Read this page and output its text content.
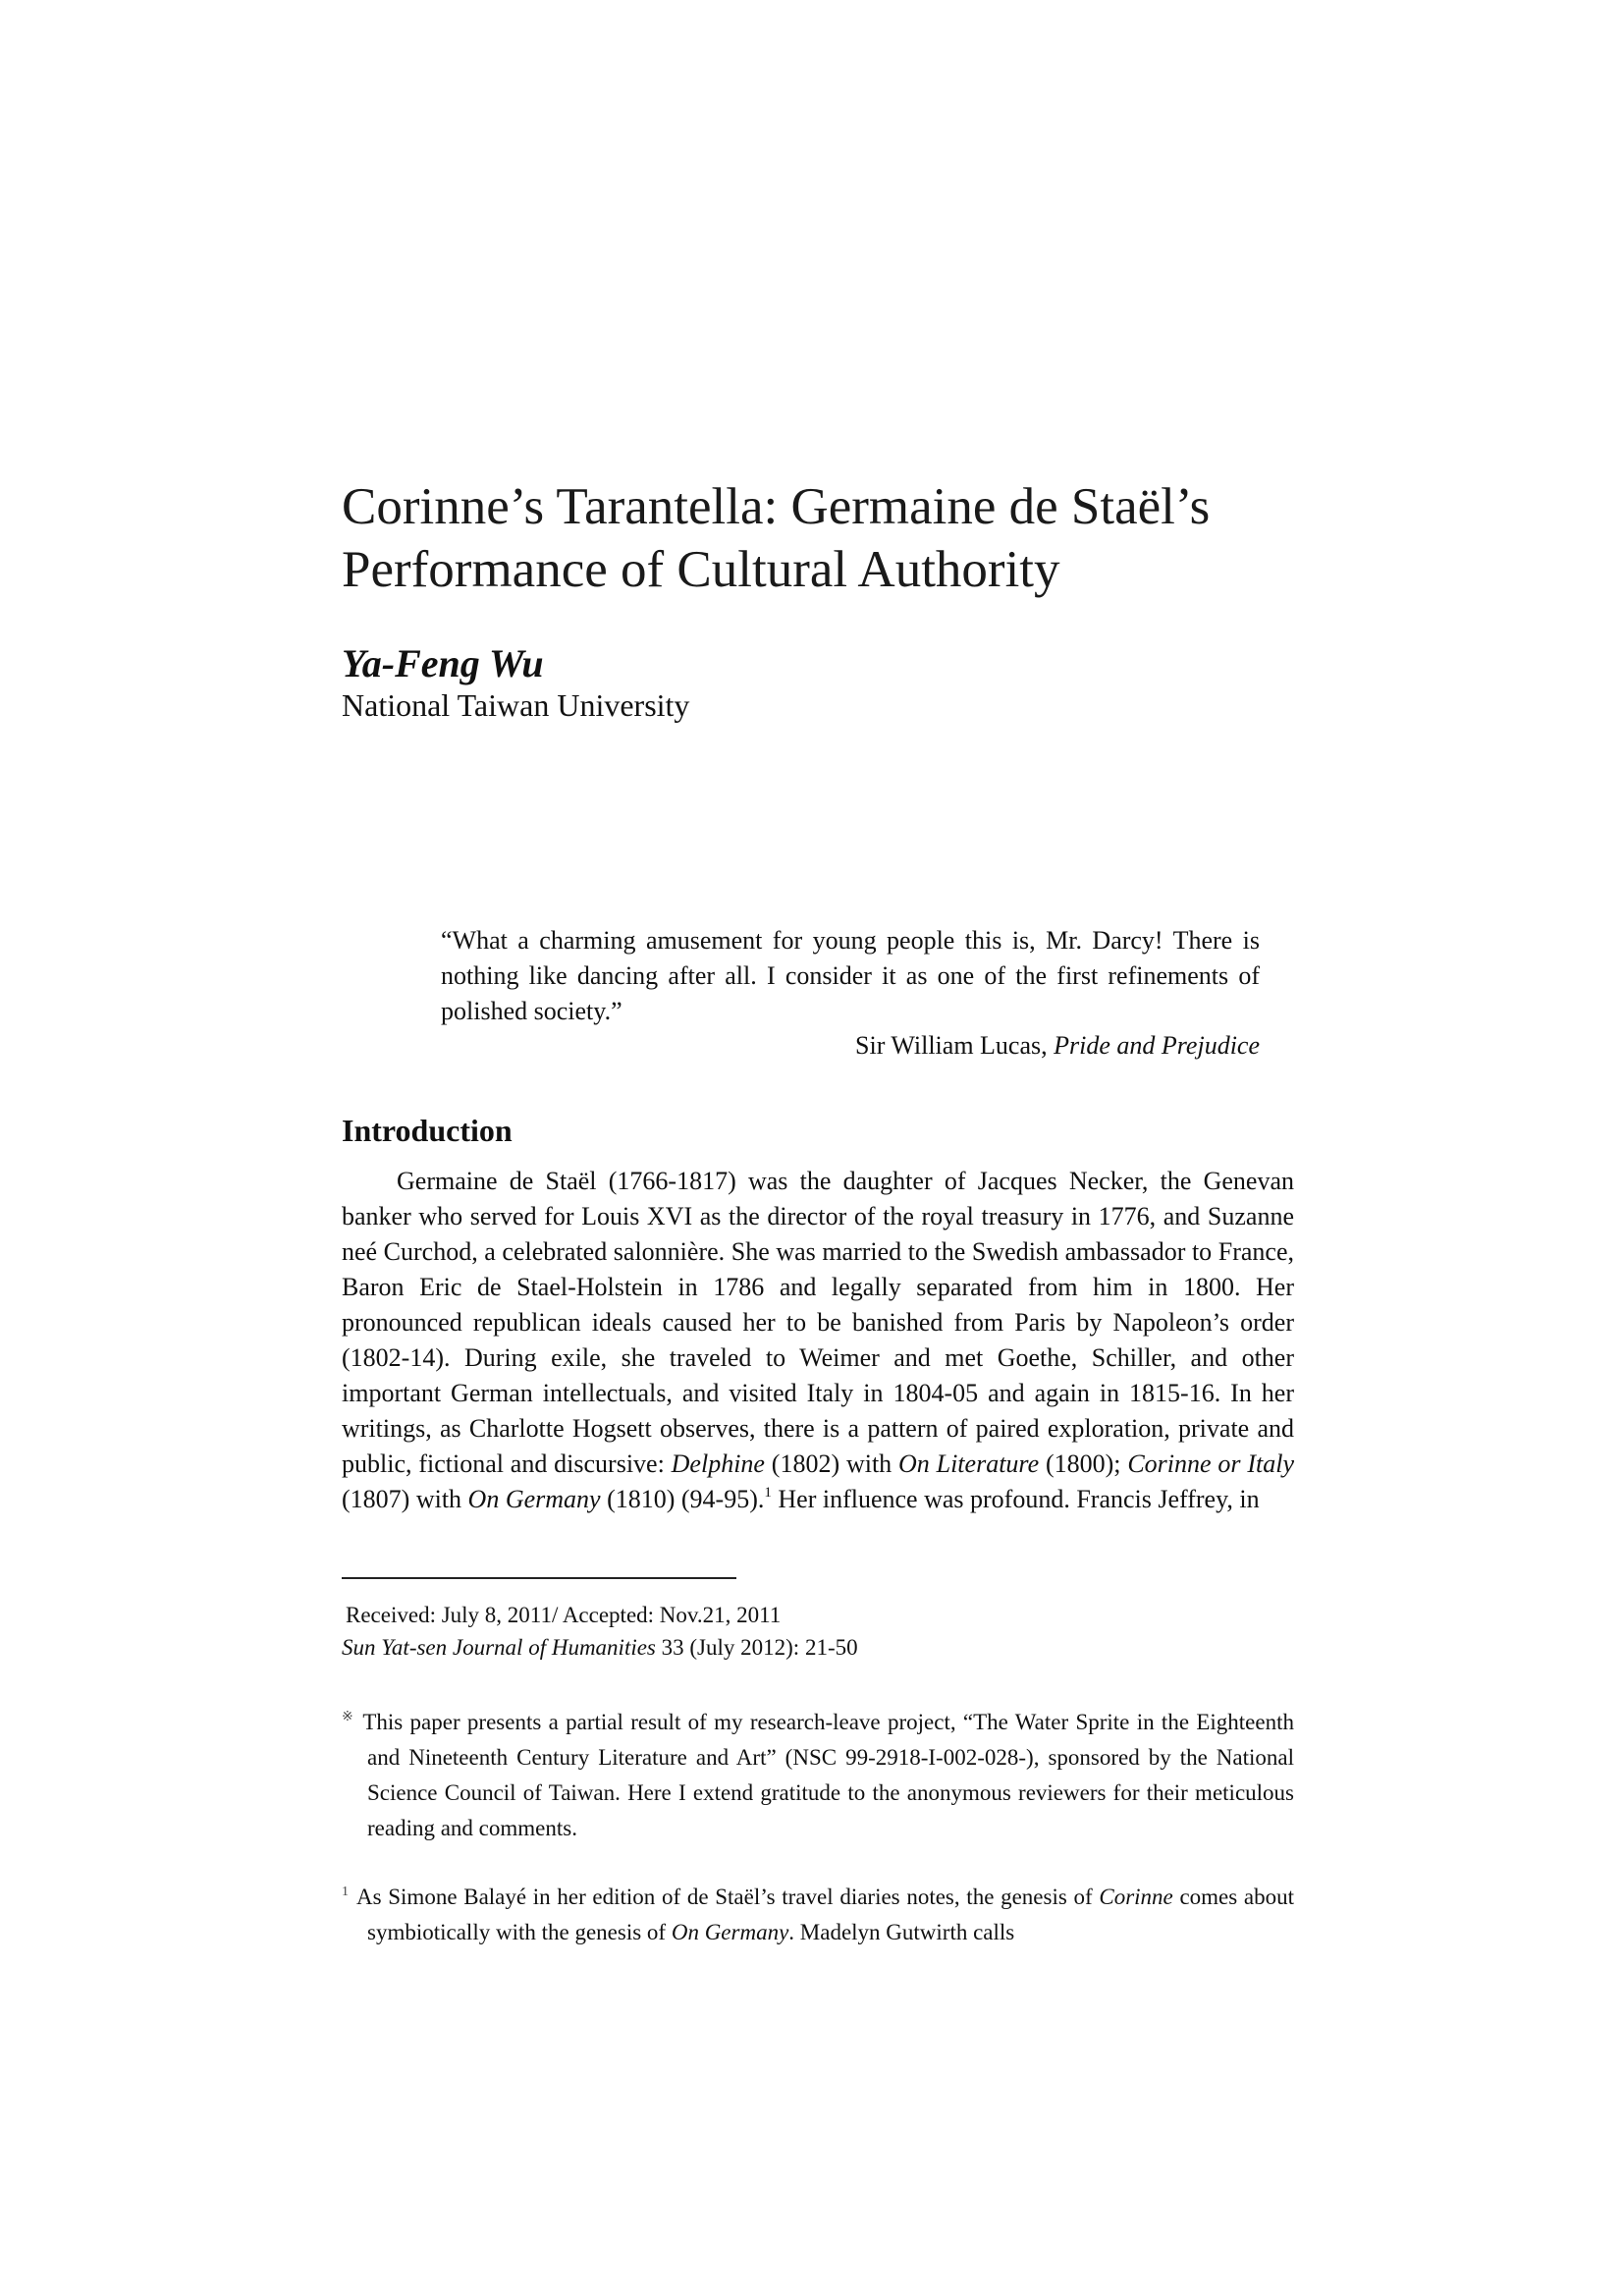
Corinne’s Tarantella: Germaine de Staël’s
Performance of Cultural Authority
Ya-Feng Wu
National Taiwan University
“What a charming amusement for young people this is, Mr. Darcy! There is nothing like dancing after all. I consider it as one of the first refinements of polished society.”
Sir William Lucas, Pride and Prejudice
Introduction
Germaine de Staël (1766-1817) was the daughter of Jacques Necker, the Genevan banker who served for Louis XVI as the director of the royal treasury in 1776, and Suzanne neé Curchod, a celebrated salonnière. She was married to the Swedish ambassador to France, Baron Eric de Stael-Holstein in 1786 and legally separated from him in 1800. Her pronounced republican ideals caused her to be banished from Paris by Napoleon’s order (1802-14). During exile, she traveled to Weimer and met Goethe, Schiller, and other important German intellectuals, and visited Italy in 1804-05 and again in 1815-16. In her writings, as Charlotte Hogsett observes, there is a pattern of paired exploration, private and public, fictional and discursive: Delphine (1802) with On Literature (1800); Corinne or Italy (1807) with On Germany (1810) (94-95).$^1$ Her influence was profound. Francis Jeffrey, in
Received: July 8, 2011/ Accepted: Nov.21, 2011
Sun Yat-sen Journal of Humanities 33 (July 2012): 21-50
※ This paper presents a partial result of my research-leave project, “The Water Sprite in the Eighteenth and Nineteenth Century Literature and Art” (NSC 99-2918-I-002-028-), sponsored by the National Science Council of Taiwan. Here I extend gratitude to the anonymous reviewers for their meticulous reading and comments.
$^1$ As Simone Balayé in her edition of de Staël’s travel diaries notes, the genesis of Corinne comes about symbiotically with the genesis of On Germany. Madelyn Gutwirth calls
